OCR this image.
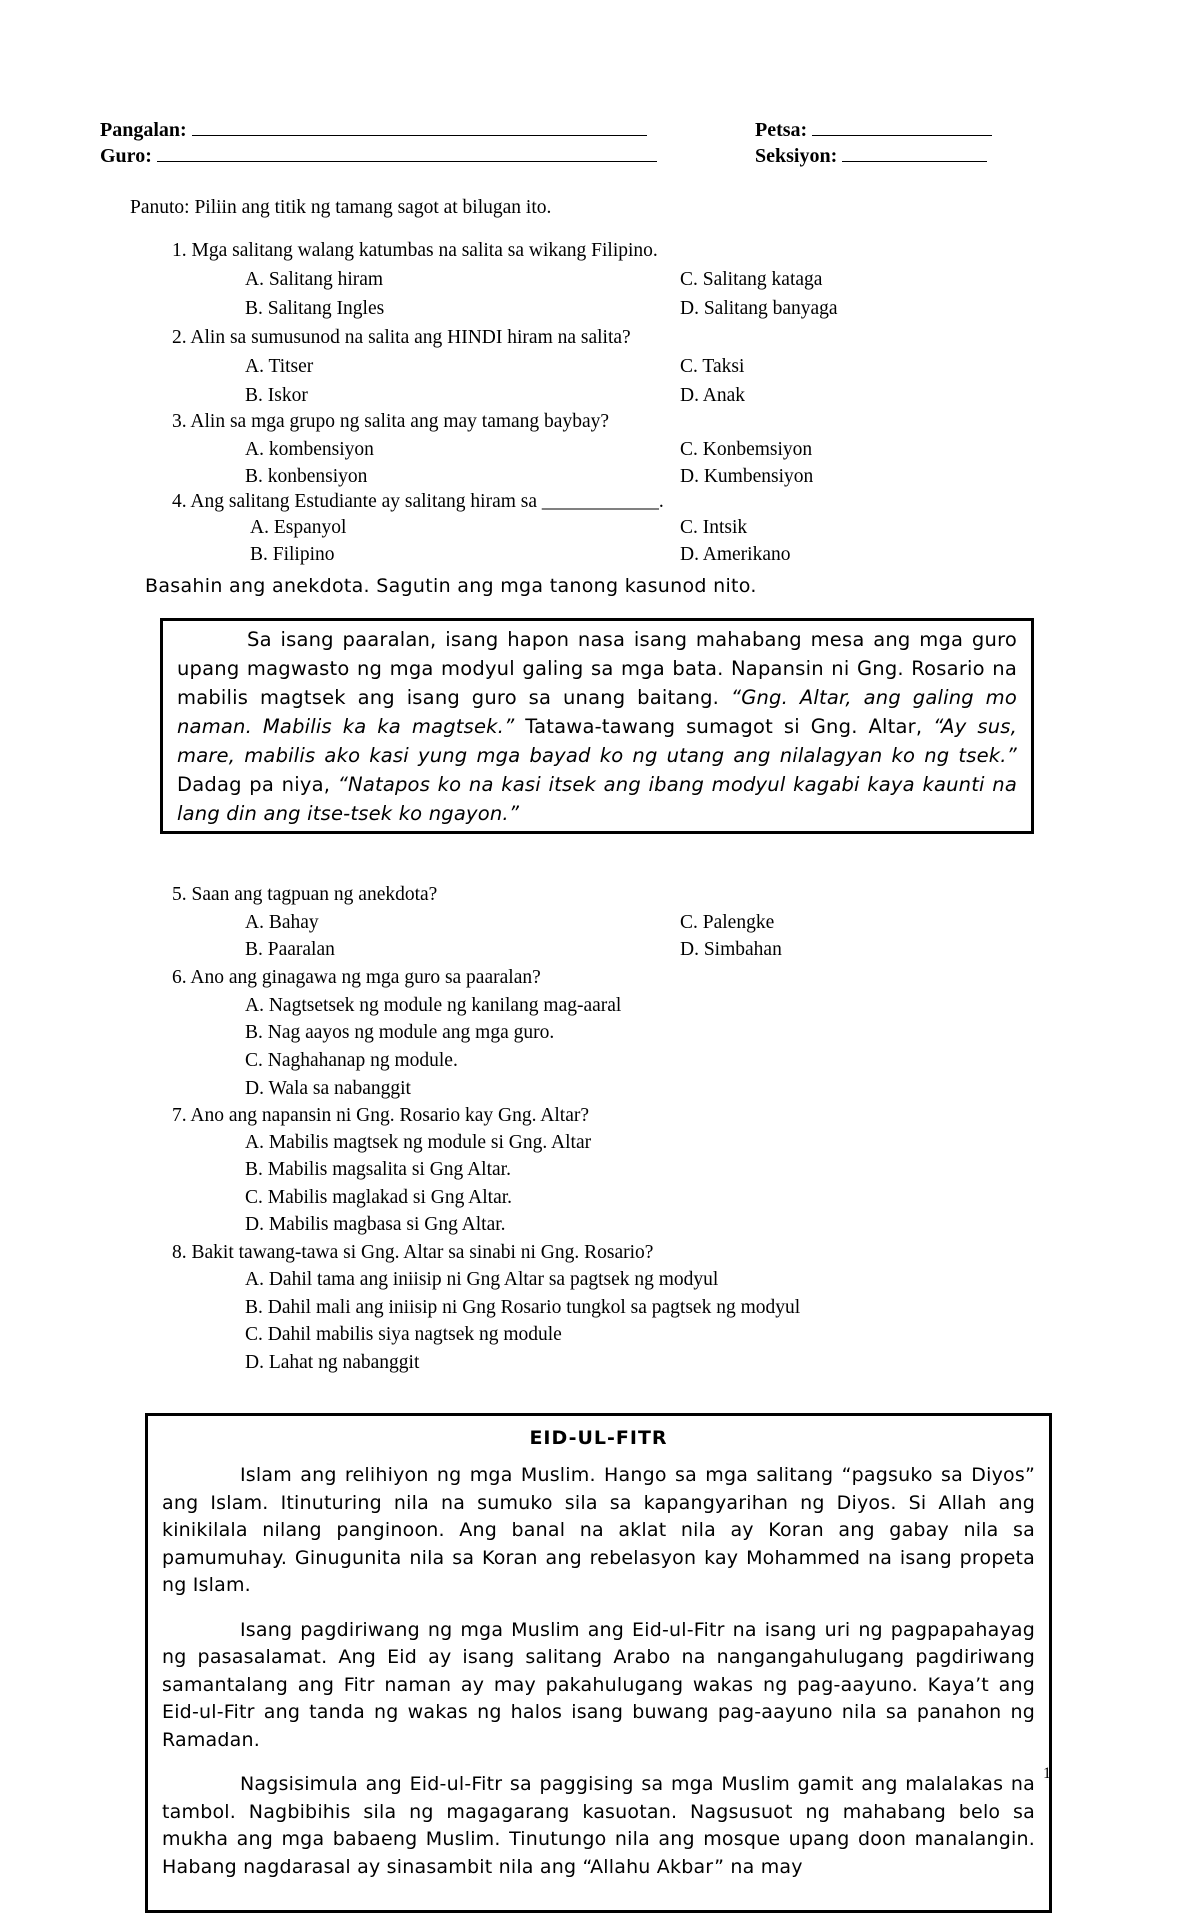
Pangalan:	Petsa:
Guro:	Seksiyon:
Panuto: Piliin ang titik ng tamang sagot at bilugan ito.
1. Mga salitang walang katumbas na salita sa wikang Filipino.
A. Salitang hiram	C. Salitang kataga
B. Salitang Ingles	D. Salitang banyaga
2. Alin sa sumusunod na salita ang HINDI hiram na salita?
A. Titser	C. Taksi
B. Iskor	D. Anak
3. Alin sa mga grupo ng salita ang may tamang baybay?
A. kombensiyon	C. Konbemsiyon
B. konbensiyon	D. Kumbensiyon
4. Ang salitang Estudiante ay salitang hiram sa ____________.
A. Espanyol	C. Intsik
B. Filipino	D. Amerikano
Basahin ang anekdota. Sagutin ang mga tanong kasunod nito.

Sa isang paaralan, isang hapon nasa isang mahabang mesa ang mga guro upang magwasto ng mga modyul galing sa mga bata. Napansin ni Gng. Rosario na mabilis magtsek ang isang guro sa unang baitang. “Gng. Altar, ang galing mo naman. Mabilis ka ka magtsek.” Tatawa-tawang sumagot si Gng. Altar, “Ay sus, mare, mabilis ako kasi yung mga bayad ko ng utang ang nilalagyan ko ng tsek.” Dadag pa niya, “Natapos ko na kasi itsek ang ibang modyul kagabi kaya kaunti na lang din ang itse-tsek ko ngayon.”

5. Saan ang tagpuan ng anekdota?
A. Bahay	C. Palengke
B. Paaralan	D. Simbahan
6. Ano ang ginagawa ng mga guro sa paaralan?
A. Nagtsetsek ng module ng kanilang mag-aaral
B. Nag aayos ng module ang mga guro.
C. Naghahanap ng module.
D. Wala sa nabanggit
7. Ano ang napansin ni Gng. Rosario kay Gng. Altar?
A. Mabilis magtsek ng module si Gng. Altar
B. Mabilis magsalita si Gng Altar.
C. Mabilis maglakad si Gng Altar.
D. Mabilis magbasa si Gng Altar.
8. Bakit tawang-tawa si Gng. Altar sa sinabi ni Gng. Rosario?
A. Dahil tama ang iniisip ni Gng Altar sa pagtsek ng modyul
B. Dahil mali ang iniisip ni Gng Rosario tungkol sa pagtsek ng modyul
C. Dahil mabilis siya nagtsek ng module
D. Lahat ng nabanggit
EID-UL-FITR

Islam ang relihiyon ng mga Muslim. Hango sa mga salitang “pagsuko sa Diyos” ang Islam. Itinuturing nila na sumuko sila sa kapangyarihan ng Diyos. Si Allah ang kinikilala nilang panginoon. Ang banal na aklat nila ay Koran ang gabay nila sa pamumuhay. Ginugunita nila sa Koran ang rebelasyon kay Mohammed na isang propeta ng Islam.

Isang pagdiriwang ng mga Muslim ang Eid-ul-Fitr na isang uri ng pagpapahayag ng pasasalamat. Ang Eid ay isang salitang Arabo na nangangahulugang pagdiriwang samantalang ang Fitr naman ay may pakahulugang wakas ng pag-aayuno. Kaya’t ang Eid-ul-Fitr ang tanda ng wakas ng halos isang buwang pag-aayuno nila sa panahon ng Ramadan.

Nagsisimula ang Eid-ul-Fitr sa paggising sa mga Muslim gamit ang malalakas na tambol. Nagbibihis sila ng magagarang kasuotan. Nagsusuot ng mahabang belo sa mukha ang mga babaeng Muslim. Tinutungo nila ang mosque upang doon manalangin. Habang nagdarasal ay sinasambit nila ang “Allahu Akbar” na may

1
